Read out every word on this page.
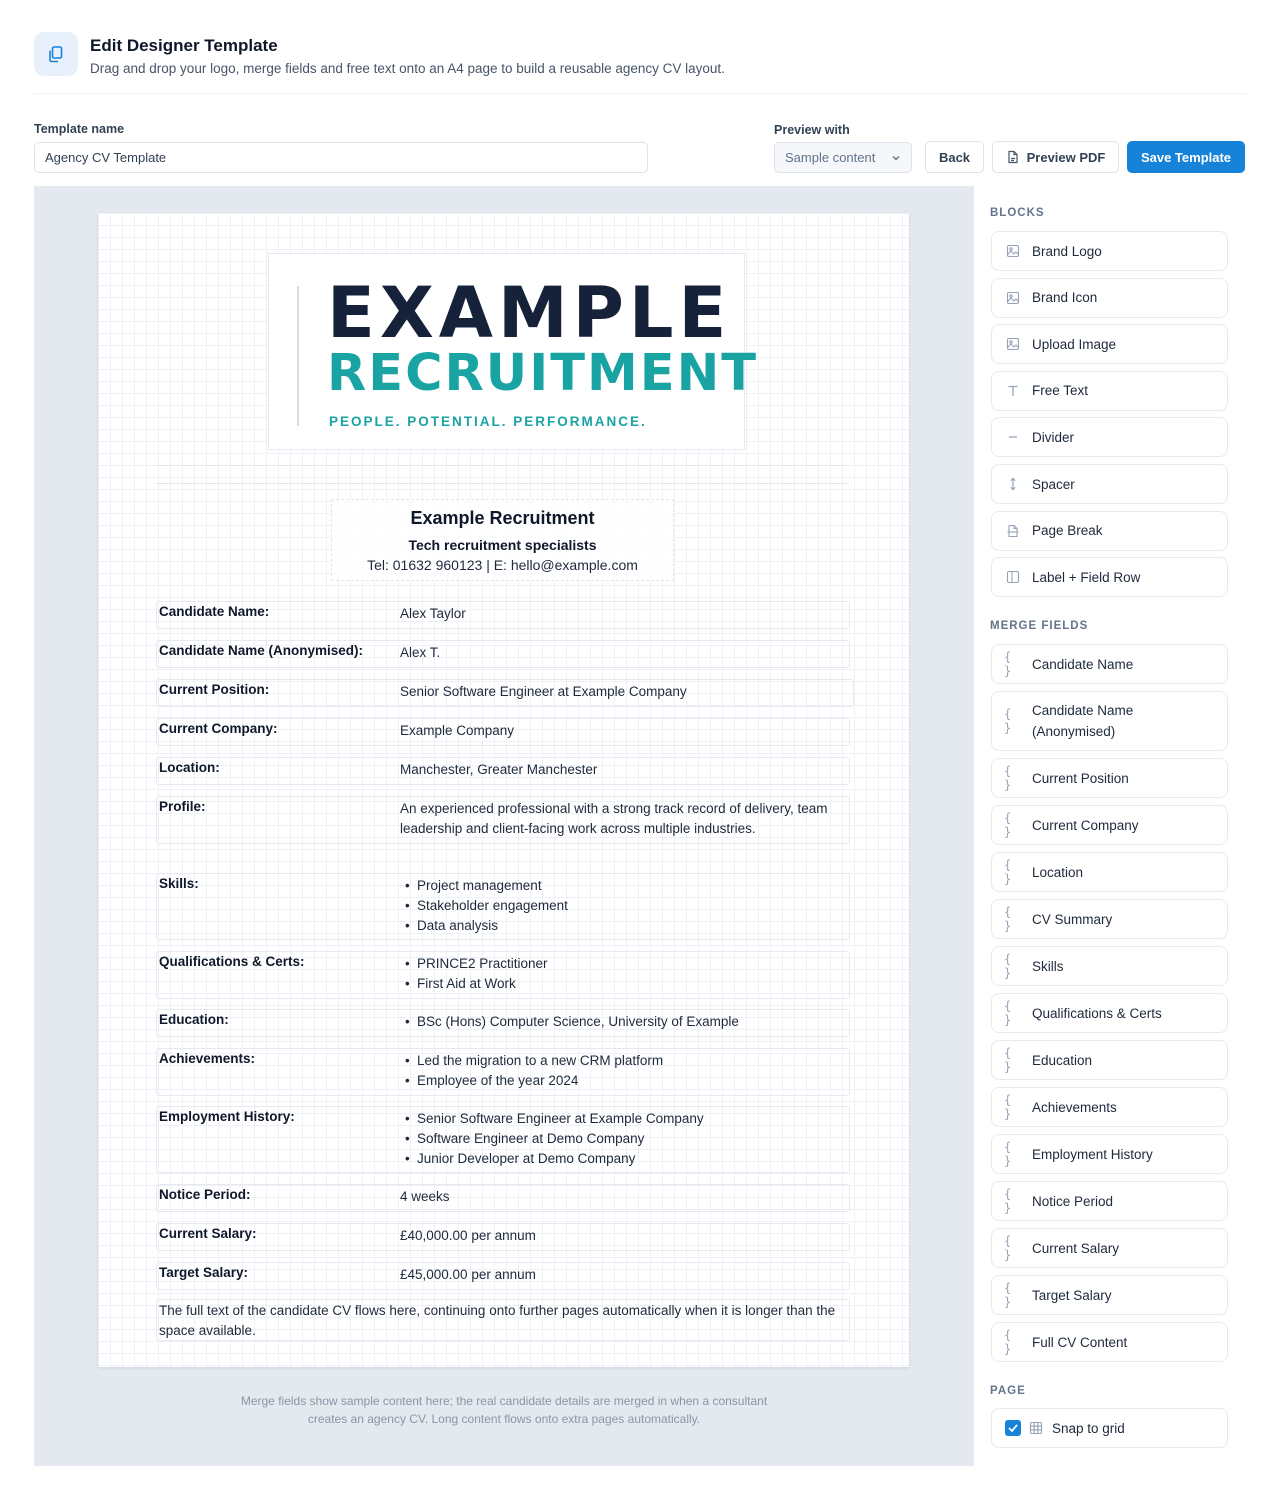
Edit Designer Template
Drag and drop your logo, merge fields and free text onto an A4 page to build a reusable agency CV layout.
Template name
Agency CV Template
Preview with
Sample content	Back	Preview PDF	Save Template
EXAMPLE
RECRUITMENT
PEOPLE. POTENTIAL. PERFORMANCE.
Example Recruitment
Tech recruitment specialists
Tel: 01632 960123 | E: hello@example.com
Candidate Name:	Alex Taylor
Candidate Name (Anonymised):	Alex T.
Current Position:	Senior Software Engineer at Example Company
Current Company:	Example Company
Location:	Manchester, Greater Manchester
Profile:	An experienced professional with a strong track record of delivery, team leadership and client-facing work across multiple industries.
Skills:	• Project management
• Stakeholder engagement
• Data analysis
Qualifications & Certs:	• PRINCE2 Practitioner
• First Aid at Work
Education:	• BSc (Hons) Computer Science, University of Example
Achievements:	• Led the migration to a new CRM platform
• Employee of the year 2024
Employment History:	• Senior Software Engineer at Example Company
• Software Engineer at Demo Company
• Junior Developer at Demo Company
Notice Period:	4 weeks
Current Salary:	£40,000.00 per annum
Target Salary:	£45,000.00 per annum
The full text of the candidate CV flows here, continuing onto further pages automatically when it is longer than the space available.
Merge fields show sample content here; the real candidate details are merged in when a consultant creates an agency CV. Long content flows onto extra pages automatically.
BLOCKS
Brand Logo
Brand Icon
Upload Image
Free Text
Divider
Spacer
Page Break
Label + Field Row
MERGE FIELDS
{ }	Candidate Name
{ }
Candidate Name (Anonymised)
{ }	Current Position
{ }	Current Company
{ }	Location
{ }	CV Summary
{ }	Skills
{ }	Qualifications & Certs
{ }	Education
{ }	Achievements
{ }	Employment History
{ }	Notice Period
{ }	Current Salary
{ }	Target Salary
{ }	Full CV Content
PAGE
Snap to grid
